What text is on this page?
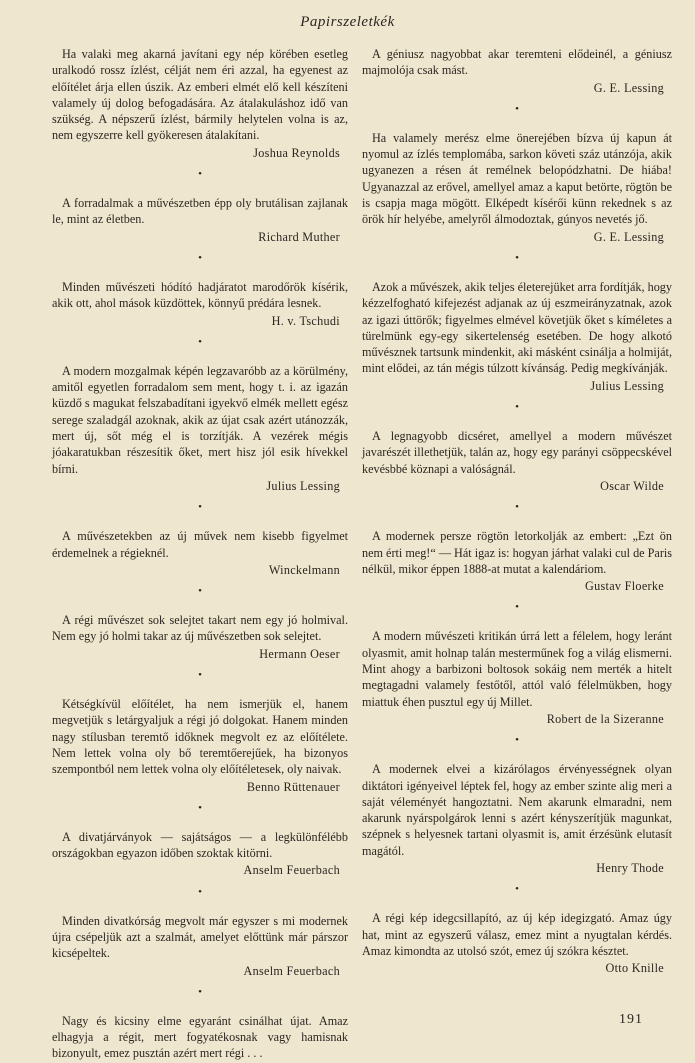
Papirszeletkék

Ha valaki meg akarná javítani egy nép körében esetleg uralkodó rossz ízlést, célját nem éri azzal, ha egyenest az előítélet árja ellen úszik. Az emberi elmét elő kell készíteni valamely új dolog befogadására. Az átalakuláshoz idő van szükség. A népszerű ízlést, bármily helytelen volna is az, nem egyszerre kell gyökeresen átalakítani.

Joshua Reynolds
•

A forradalmak a művészetben épp oly brutálisan zajlanak le, mint az életben.

Richard Muther
•

Minden művészeti hódító hadjáratot marodőrök kísérik, akik ott, ahol mások küzdöttek, könnyű prédára lesnek.

H. v. Tschudi
•

A modern mozgalmak képén legzavaróbb az a körülmény, amitől egyetlen forradalom sem ment, hogy t. i. az igazán küzdő s magukat felszabadítani igyekvő elmék mellett egész serege szaladgál azoknak, akik az újat csak azért utánozzák, mert új, sőt még el is torzítják. A vezérek mégis jóakaratukban részesítik őket, mert hisz jól esik hívekkel bírni.

Julius Lessing
•

A művészetekben az új művek nem kisebb figyelmet érdemelnek a régieknél.

Winckelmann
•

A régi művészet sok selejtet takart nem egy jó holmival. Nem egy jó holmi takar az új művészetben sok selejtet.

Hermann Oeser
•

Kétségkívül előítélet, ha nem ismerjük el, hanem megvetjük s letárgyaljuk a régi jó dolgokat. Hanem minden nagy stílusban teremtő időknek megvolt ez az előítélete. Nem lettek volna oly bő teremtőerejűek, ha bizonyos szempontból nem lettek volna oly előítéletesek, oly naivak.

Benno Rüttenauer
•

A divatjárványok — sajátságos — a legkülönfélébb országokban egyazon időben szoktak kitörni.

Anselm Feuerbach
•

Minden divatkórság megvolt már egyszer s mi modernek újra csépeljük azt a szalmát, amelyet előttünk már párszor kicsépeltek.

Anselm Feuerbach
•

Nagy és kicsiny elme egyaránt csinálhat újat. Amaz elhagyja a régit, mert fogyatékosnak vagy hamisnak bizonyult, emez pusztán azért mert régi . . .

A géniusz nagyobbat akar teremteni elődeinél, a géniusz majmolója csak mást.

G. E. Lessing
•

Ha valamely merész elme önerejében bízva új kapun át nyomul az ízlés templomába, sarkon követi száz utánzója, akik ugyanezen a résen át remélnek belopódzhatni. De hiába! Ugyanazzal az erővel, amellyel amaz a kaput betörte, rögtön be is csapja maga mögött. Elképedt kísérői künn rekednek s az örök hír helyébe, amelyről álmodoztak, gúnyos nevetés jő.

G. E. Lessing
•

Azok a művészek, akik teljes életerejüket arra fordítják, hogy kézzelfogható kifejezést adjanak az új eszmeirányzatnak, azok az igazi úttörők; figyelmes elmével követjük őket s kíméletes a türelmünk egy-egy sikertelenség esetében. De hogy alkotó művésznek tartsunk mindenkit, aki másként csinálja a holmiját, mint elődei, az tán mégis túlzott kívánság. Pedig megkívánják.

Julius Lessing
•

A legnagyobb dicséret, amellyel a modern művészet javarészét illethetjük, talán az, hogy egy parányi csöppecskével kevésbbé köznapi a valóságnál.

Oscar Wilde
•

A modernek persze rögtön letorkolják az embert: „Ezt ön nem érti meg!“ — Hát igaz is: hogyan járhat valaki cul de Paris nélkül, mikor éppen 1888-at mutat a kalendáriom.

Gustav Floerke
•

A modern művészeti kritikán úrrá lett a félelem, hogy leránt olyasmit, amit holnap talán mesterműnek fog a világ elismerni. Mint ahogy a barbizoni boltosok sokáig nem merték a hitelt megtagadni valamely festőtől, attól való félelmükben, hogy miattuk éhen pusztul egy új Millet.

Robert de la Sizeranne
•

A modernek elvei a kizárólagos érvényességnek olyan diktátori igényeivel léptek fel, hogy az ember szinte alig meri a saját véleményét hangoztatni. Nem akarunk elmaradni, nem akarunk nyárspolgárok lenni s azért kényszerítjük magunkat, szépnek s helyesnek tartani olyasmit is, amit érzésünk elutasít magától.

Henry Thode
•

A régi kép idegcsillapító, az új kép idegizgató. Amaz úgy hat, mint az egyszerű válasz, emez mint a nyugtalan kérdés. Amaz kimondta az utolsó szót, emez új szókra késztet.

Otto Knille
191
